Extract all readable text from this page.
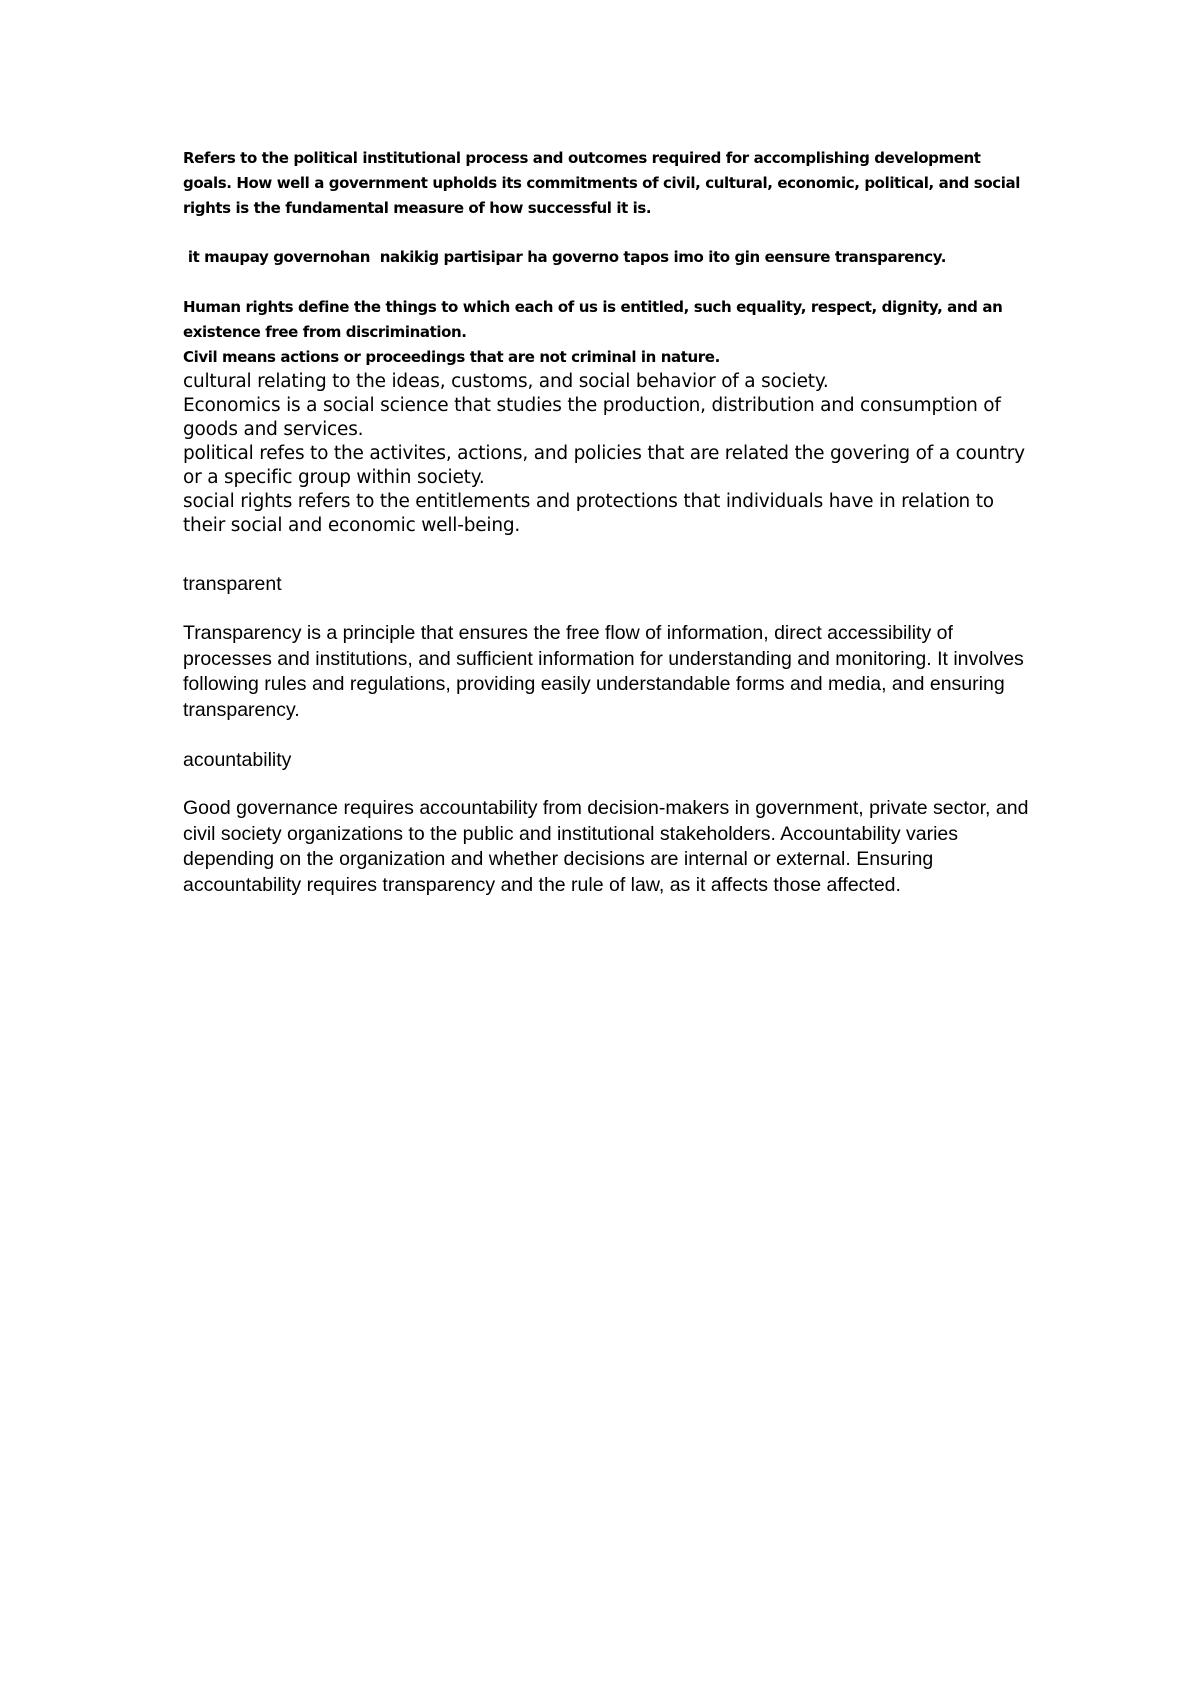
Refers to the political institutional process and outcomes required for accomplishing development goals. How well a government upholds its commitments of civil, cultural, economic, political, and social rights is the fundamental measure of how successful it is.

it maupay governohan  nakikig partisipar ha governo tapos imo ito gin eensure transparency.

Human rights define the things to which each of us is entitled, such equality, respect, dignity, and an existence free from discrimination.

Civil means actions or proceedings that are not criminal in nature.

cultural relating to the ideas, customs, and social behavior of a society.

Economics is a social science that studies the production, distribution and consumption of goods and services.

political refes to the activites, actions, and policies that are related the govering of a country or a specific group within society.

social rights refers to the entitlements and protections that individuals have in relation to their social and economic well-being.

transparent

Transparency is a principle that ensures the free flow of information, direct accessibility of processes and institutions, and sufficient information for understanding and monitoring. It involves following rules and regulations, providing easily understandable forms and media, and ensuring transparency.

acountability

Good governance requires accountability from decision-makers in government, private sector, and civil society organizations to the public and institutional stakeholders. Accountability varies depending on the organization and whether decisions are internal or external. Ensuring accountability requires transparency and the rule of law, as it affects those affected.
